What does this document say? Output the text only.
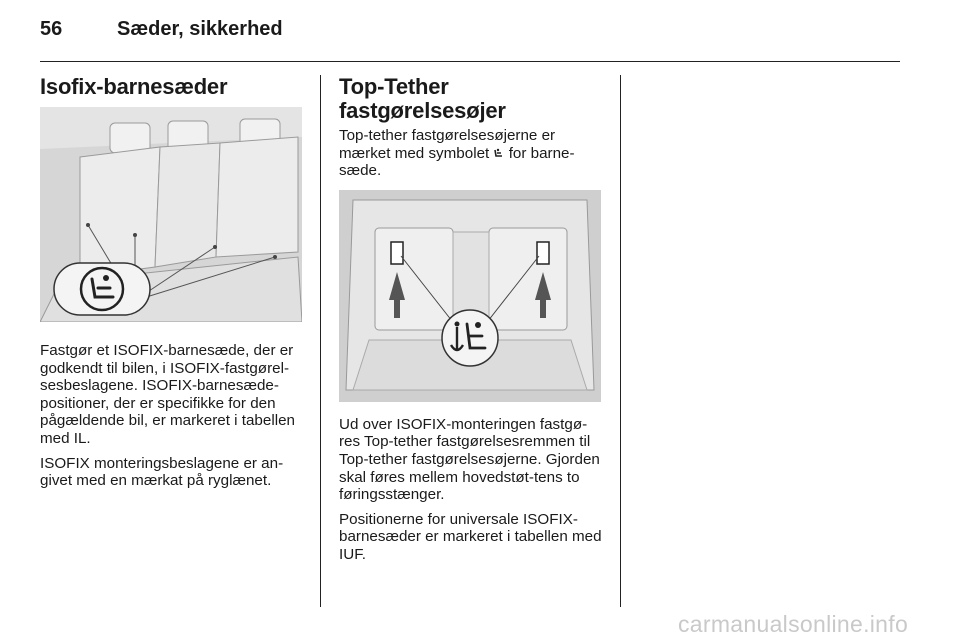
56	Sæder, sikkerhed
Isofix-barnesæder

Fastgør et ISOFIX-barnesæde, der er godkendt til bilen, i ISOFIX-fastgørel-sesbeslagene. ISOFIX-barnesæde-positioner, der er specifikke for den pågældende bil, er markeret i tabellen med IL.

ISOFIX monteringsbeslagene er an-givet med en mærkat på ryglænet.

Top-Tether
fastgørelsesøjer

Top-tether fastgørelsesøjerne er mærket med symbolet for barne-sæde.

Ud over ISOFIX-monteringen fastgø-res Top-tether fastgørelsesremmen til Top-tether fastgørelsesøjerne. Gjorden skal føres mellem hovedstøt-tens to føringsstænger.

Positionerne for universale ISOFIX-barnesæder er markeret i tabellen med IUF.

carmanualsonline.info
